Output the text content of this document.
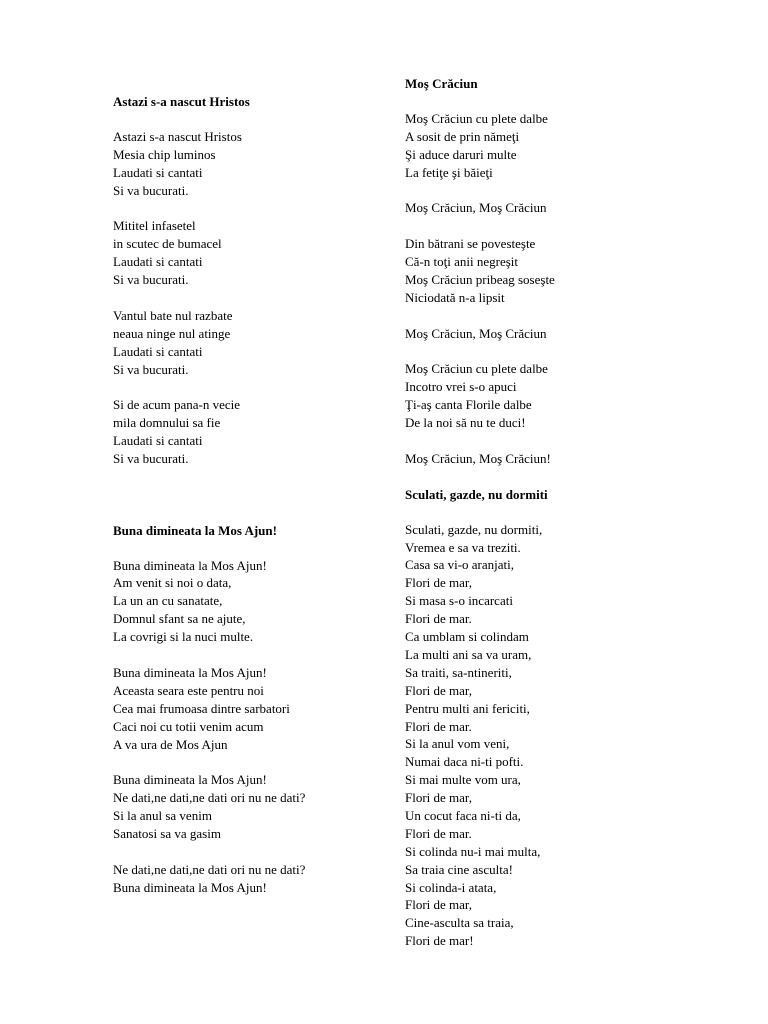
Astazi s-a nascut Hristos
Astazi s-a nascut Hristos
Mesia chip luminos
Laudati si cantati
Si va bucurati.
Mititel infasetel
in scutec de bumacel
Laudati si cantati
Si va bucurati.
Vantul bate nul razbate
neaua ninge nul atinge
Laudati si cantati
Si va bucurati.
Si de acum pana-n vecie
mila domnului sa fie
Laudati si cantati
Si va bucurati.
Buna dimineata la Mos Ajun!
Buna dimineata la Mos Ajun!
Am venit si noi o data,
La un an cu sanatate,
Domnul sfant sa ne ajute,
La covrigi si la nuci multe.
Buna dimineata la Mos Ajun!
Aceasta seara este pentru noi
Cea mai frumoasa dintre sarbatori
Caci noi cu totii venim acum
A va ura de Mos Ajun
Buna dimineata la Mos Ajun!
Ne dati,ne dati,ne dati ori nu ne dati?
Si la anul sa venim
Sanatosi sa va gasim
Ne dati,ne dati,ne dati ori nu ne dati?
Buna dimineata la Mos Ajun!
Moş Crăciun
Moş Crăciun cu plete dalbe
A sosit de prin nămeţi
Şi aduce daruri multe
La fetiţe şi băieţi
Moş Crăciun, Moş Crăciun
Din bătrani se povesteşte
Că-n toţi anii negreşit
Moş Crăciun pribeag soseşte
Niciodată n-a lipsit
Moş Crăciun, Moş Crăciun
Moş Crăciun cu plete dalbe
Incotro vrei s-o apuci
Ţi-aş canta Florile dalbe
De la noi să nu te duci!
Moş Crăciun, Moş Crăciun!
Sculati, gazde, nu dormiti
Sculati, gazde, nu dormiti,
Vremea e sa va treziti.
Casa sa vi-o aranjati,
Flori de mar,
Si masa s-o incarcati
Flori de mar.
Ca umblam si colindam
La multi ani sa va uram,
Sa traiti, sa-ntineriti,
Flori de mar,
Pentru multi ani fericiti,
Flori de mar.
Si la anul vom veni,
Numai daca ni-ti pofti.
Si mai multe vom ura,
Flori de mar,
Un cocut faca ni-ti da,
Flori de mar.
Si colinda nu-i mai multa,
Sa traia cine asculta!
Si colinda-i atata,
Flori de mar,
Cine-asculta sa traia,
Flori de mar!
